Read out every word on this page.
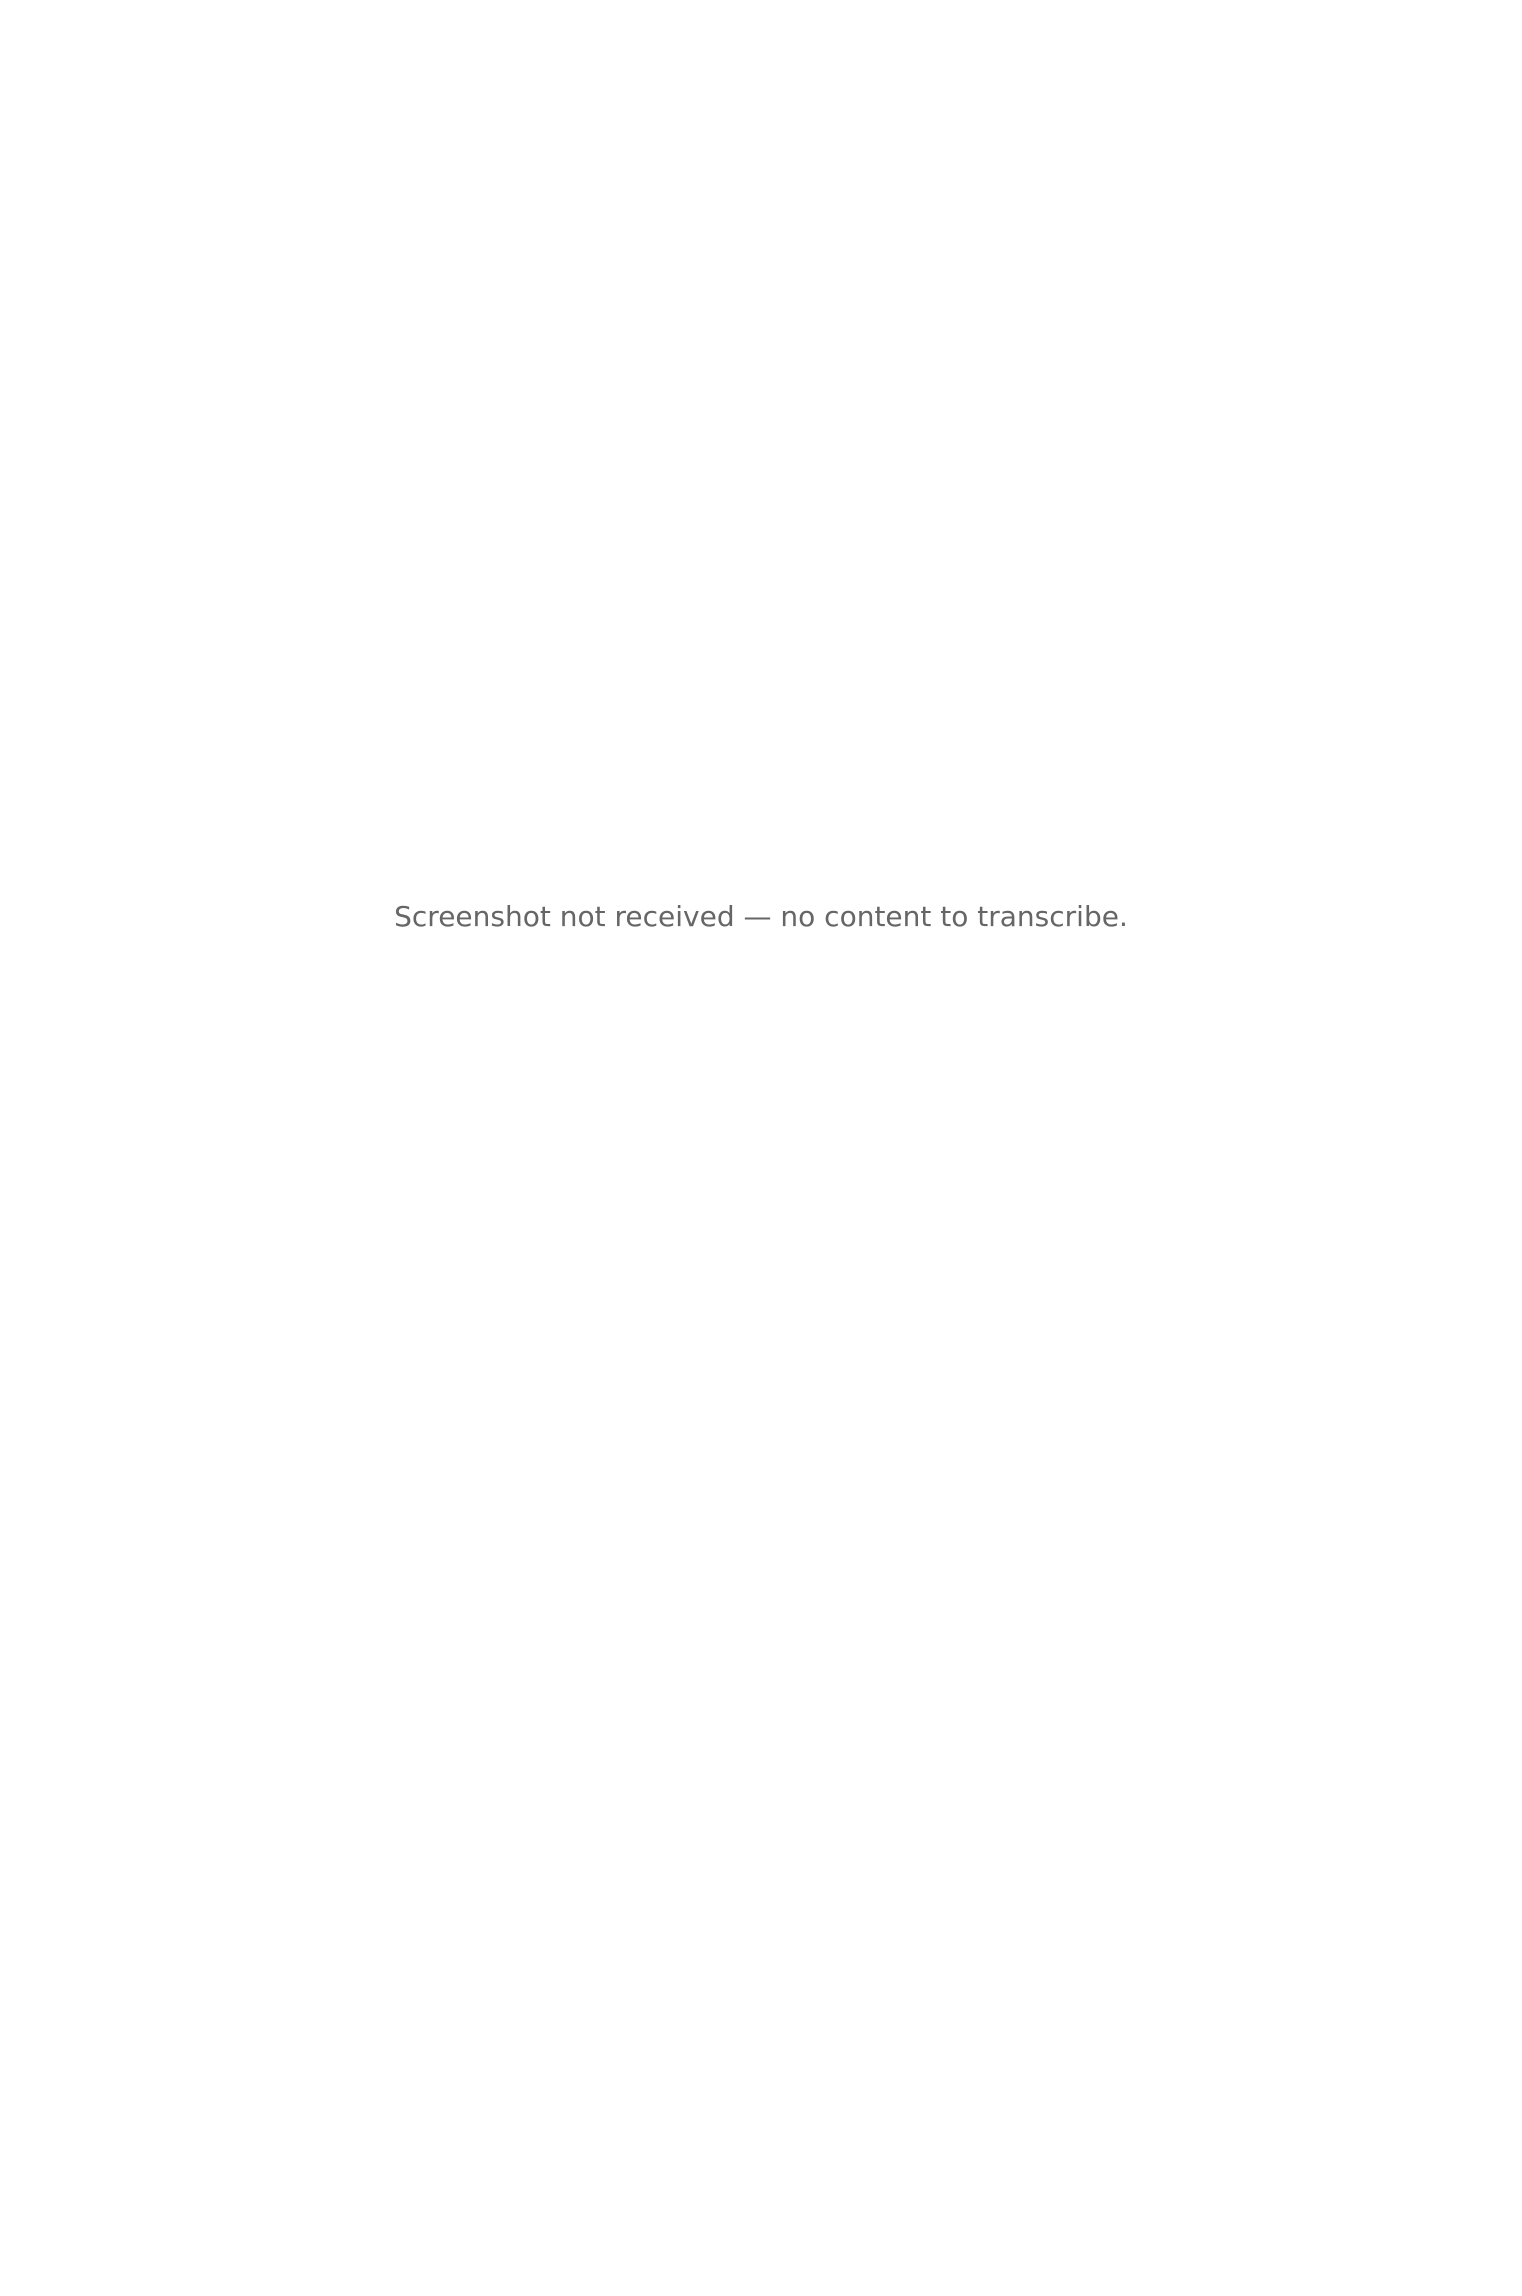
Screenshot not received — no content to transcribe.
